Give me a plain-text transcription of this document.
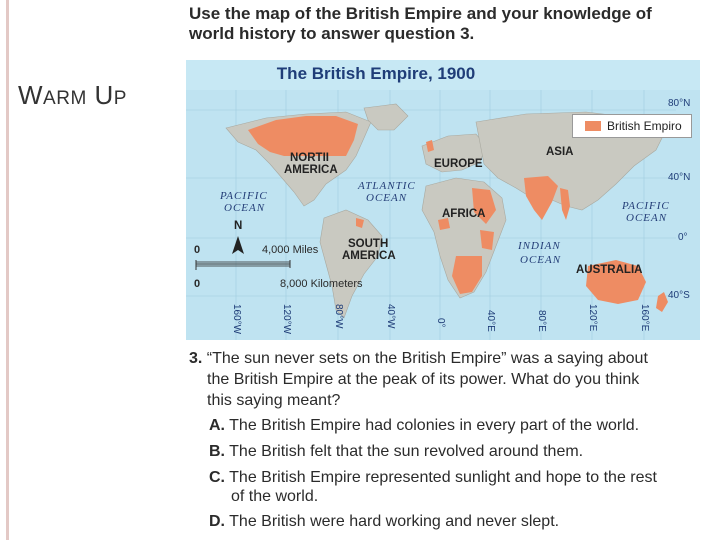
WARM UP
Use the map of the British Empire and your knowledge of
world history to answer question 3.
The British Empire, 1900
British Empiro
ASIA
EUROPE
NORTII
AMERICA
ATLANTIC
OCEAN
PACIFIC
OCEAN	PACIFIC
OCEAN
AFRICA
SOUTH
AMERICA
INDIAN
OCEAN
AUSTRALIA
N
80°N
40°N
0°
40°S
0	4,000 Miles
0	8,000 Kilometers
160°W	120°W	80°W	40°W	0°	40°E	80°E	120°E	160°E
3. “The sun never sets on the British Empire” was a saying about
the British Empire at the peak of its power. What do you think
this saying meant?
A. The British Empire had colonies in every part of the world.
B. The British felt that the sun revolved around them.
C. The British Empire represented sunlight and hope to the rest
of the world.
D. The British were hard working and never slept.
